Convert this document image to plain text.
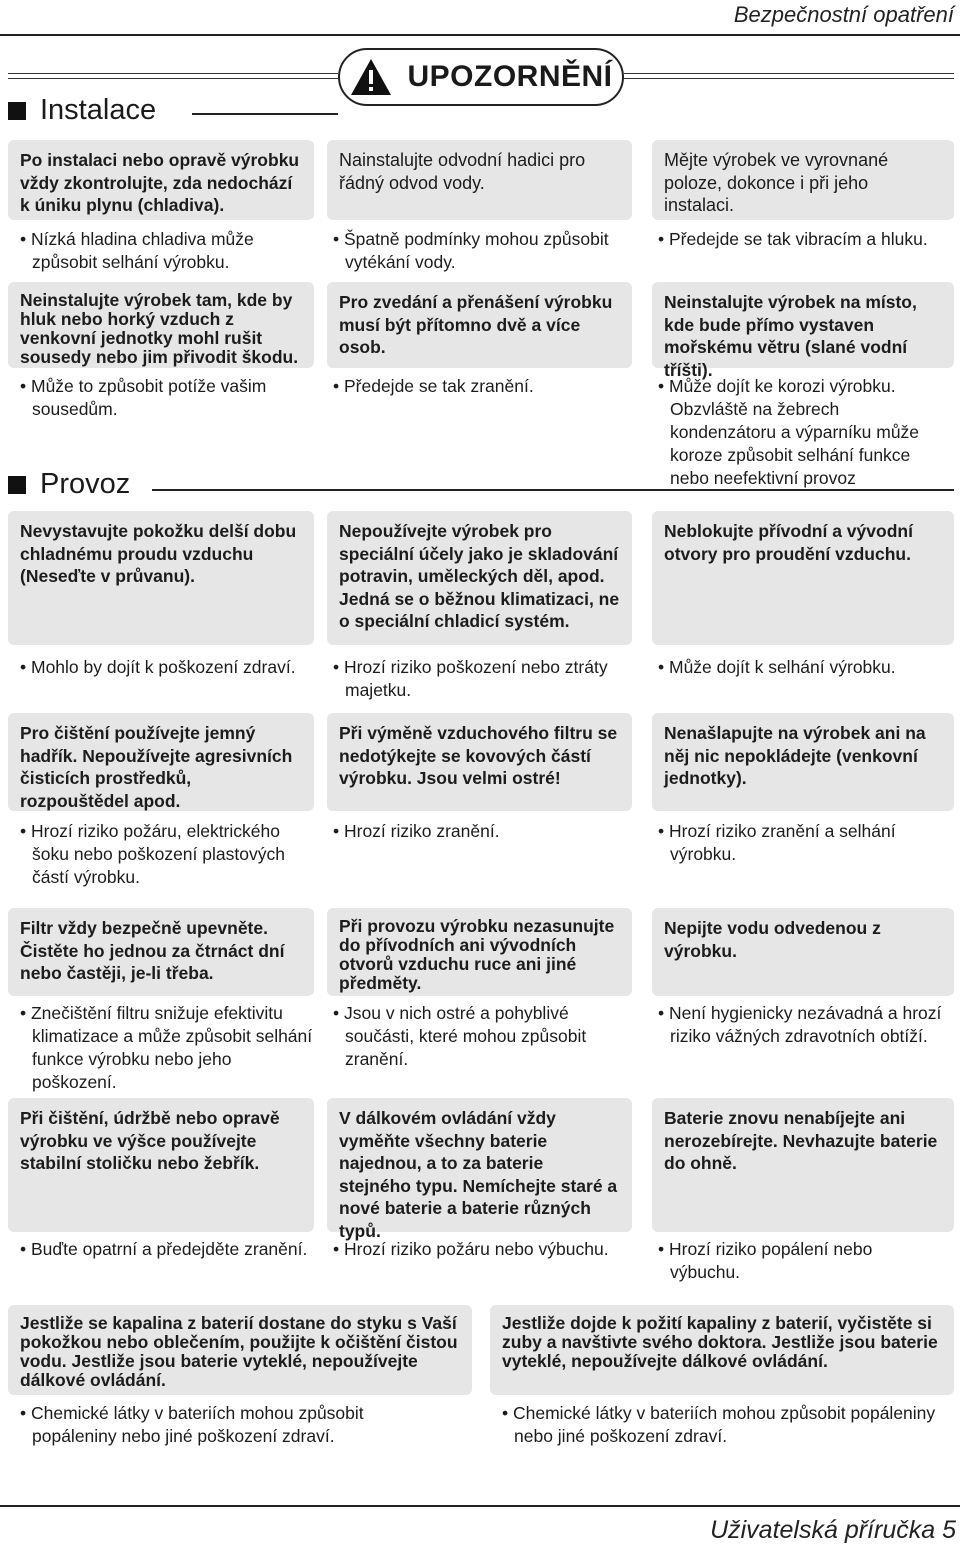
Bezpečnostní opatření
UPOZORNĚNÍ
Instalace
Po instalaci nebo opravě výrobku vždy zkontrolujte, zda nedochází k úniku plynu (chladiva).
Nainstalujte odvodní hadici pro řádný odvod vody.
Mějte výrobek ve vyrovnané poloze, dokonce i při jeho instalaci.
• Nízká hladina chladiva může způsobit selhání výrobku.
• Špatně podmínky mohou způsobit vytékání vody.
• Předejde se tak vibracím a hluku.
Neinstalujte výrobek tam, kde by hluk nebo horký vzduch z venkovní jednotky mohl rušit sousedy nebo jim přivodit škodu.
Pro zvedání a přenášení výrobku musí být přítomno dvě a více osob.
Neinstalujte výrobek na místo, kde bude přímo vystaven mořskému větru (slané vodní tříšti).
• Může to způsobit potíže vašim sousedům.
• Předejde se tak zranění.	• Může dojít ke korozi výrobku. Obzvláště na žebrech kondenzátoru a výparníku může koroze způsobit selhání funkce nebo neefektivní provoz
Provoz
Nevystavujte pokožku delší dobu chladnému proudu vzduchu (Neseďte v průvanu).
Nepoužívejte výrobek pro speciální účely jako je skladování potravin, uměleckých děl, apod. Jedná se o běžnou klimatizaci, ne o speciální chladicí systém.
Neblokujte přívodní a vývodní otvory pro proudění vzduchu.
• Mohlo by dojít k poškození zdraví.	• Hrozí riziko poškození nebo ztráty majetku.
• Může dojít k selhání výrobku.
Pro čištění používejte jemný hadřík. Nepoužívejte agresivních čisticích prostředků, rozpouštědel apod.
Při výměně vzduchového filtru se nedotýkejte se kovových částí výrobku. Jsou velmi ostré!
Nenašlapujte na výrobek ani na něj nic nepokládejte (venkovní jednotky).
• Hrozí riziko požáru, elektrického šoku nebo poškození plastových částí výrobku.
• Hrozí riziko zranění.	• Hrozí riziko zranění a selhání výrobku.
Filtr vždy bezpečně upevněte. Čistěte ho jednou za čtrnáct dní nebo častěji, je-li třeba.
Při provozu výrobku nezasunujte do přívodních ani vývodních otvorů vzduchu ruce ani jiné předměty.
Nepijte vodu odvedenou z výrobku.
• Znečištění filtru snižuje efektivitu klimatizace a může způsobit selhání funkce výrobku nebo jeho poškození.
• Jsou v nich ostré a pohyblivé součásti, které mohou způsobit zranění.
• Není hygienicky nezávadná a hrozí riziko vážných zdravotních obtíží.
Při čištění, údržbě nebo opravě výrobku ve výšce používejte stabilní stoličku nebo žebřík.
V dálkovém ovládání vždy vyměňte všechny baterie najednou, a to za baterie stejného typu. Nemíchejte staré a nové baterie a baterie různých typů.
Baterie znovu nenabíjejte ani nerozebírejte. Nevhazujte baterie do ohně.
• Buďte opatrní a předejděte zranění.	• Hrozí riziko požáru nebo výbuchu.	• Hrozí riziko popálení nebo výbuchu.
Jestliže se kapalina z baterií dostane do styku s Vaší pokožkou nebo oblečením, použijte k očištění čistou vodu. Jestliže jsou baterie vyteklé, nepoužívejte dálkové ovládání.
Jestliže dojde k požití kapaliny z baterií, vyčistěte si zuby a navštivte svého doktora. Jestliže jsou baterie vyteklé, nepoužívejte dálkové ovládání.
• Chemické látky v bateriích mohou způsobit popáleniny nebo jiné poškození zdraví.
• Chemické látky v bateriích mohou způsobit popáleniny nebo jiné poškození zdraví.
Uživatelská příručka 5
